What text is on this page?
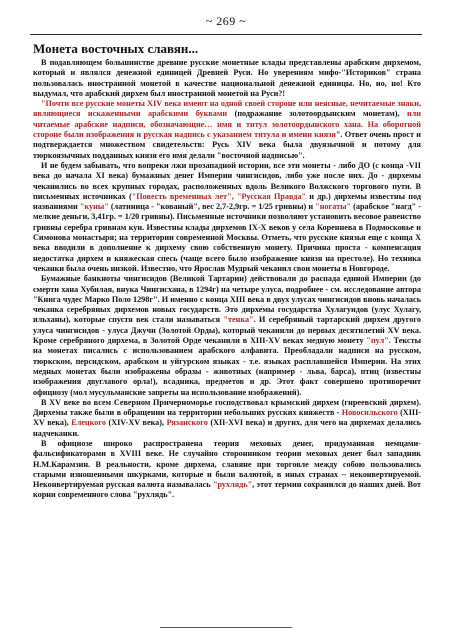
~ 269 ~
Монета восточных славян...

В подавляющем большинстве древние русские монетные клады представлены арабским дирхемом, который и являлся денежной единицей Древней Руси. Но уверениям мифо-"Историков" страна пользовалась иностранной монетой в качестве национальной денежной единицы. Но, но, но! Кто выдумал, что арабский дирхем был иностранной монетой на Руси?!

"Почти все русские монеты XIV века имеют на одной своей стороне или неясные, нечитаемые знаки, являющиеся искаженными арабскими буквами (подражание золотоордынским монетам), или читаемые арабские надписи, обозначающие… имя и титул золотоордынского хана. На оборотной стороне были изображения и русская надпись с указанием титула и имени князя". Ответ очень прост и подтверждается множеством свидетельств: Русь XIV века была двуязычной и потому для тюркоязычных подданных князя его имя делали "восточной надписью".

И не будем забывать, что вопреки лжи прозападной истории, все эти монеты - либо ДО (с конца -VII века до начала XI века) бумажных денег Империи чингисидов, либо уже после них. До - дирхемы чеканились во всех крупных городах, расположенных вдоль Великого Волжского торгового пути. В письменных источниках ("Повесть временных лет", "Русская Правда" и др.) дирхемы известны под названиями "куны" (латиница - "кованый", вес 2,7-2,9гр. = 1/25 гривны) и "ногаты" (арабское "нагд" - мелкие деньги, 3,41гр. = 1/20 гривны). Письменные источники позволяют установить весовое равенство гривны серебра гривнам кун. Известны клады дирхемов IX-X веков у села Кореннева в Подмосковье и Симонова монастыря; на территории современной Москвы. Отметь, что русские князья еще с конца X века вводили в дополнение к дирхему свою собственную монету. Причина проста - компенсация недостатка дирхем и княжеская спесь (чаще всего было изображение князя на престоле). Но техника чеканки была очень низкой. Известно, что Ярослав Мудрый чеканил свои монеты в Новгороде.

Бумажные банкноты чингисидов (Великой Тартарии) действовали до распада единой Империи (до смерти хана Хубилая, внука Чингисхана, в 1294г) на четыре улуса, подробнее - см. исследование автора "Книга чудес Марко Поло 1298г". И именно с конца XIII века в двух улусах чингисидов вновь началась чеканка серебряных дирхемов новых государств. Это дирхемы государства Хулагуидов (улус Хулагу, ильханы), которые спустя век стали называться "тенка". И серебряный тартарский дирхем другого улуса чингисидов - улуса Джучи (Золотой Орды), который чеканили до первых десятилетий XV века. Кроме серебряного дирхема, в Золотой Орде чеканили в XIII-XV веках медную монету "пул". Тексты на монетах писались с использованием арабского алфавита. Преобладали надписи на русском, тюркском, персидском, арабском и уйгурском языках - т.е. языках расплавшейся Империи. На этих медных монетах были изображены образы - животных (например - льва, барса), птиц (известны изображения двуглавого орла!), всадника, предметов и др. Этот факт совершено противоречит официозу (мол мусульманские запреты на использование изображений).

В XV веке во всем Северном Причерноморье господствовал крымский дирхем (гиреевский дирхем). Дирхемы также были в обращении на территории небольших русских княжеств - Новосильского (XIII-XV века), Елецкого (XIV-XV века), Рязанского (XII-XVI века) и других, для чего на дирхемах делались надчеканки.

В официозе широко распространена теория меховых денег, придуманная немцами-фальсификаторами в XVIII веке. Не случайно сторонником теории меховых денег был западник Н.М.Карамзин. В реальности, кроме дирхема, славяне при торговле между собою пользовались старыми изношенными шкурками, которые и были валютой, в иных странах – неконвертируемой. Неконвертируемая русская валюта называлась "рухлядь", этот термин сохранился до наших дней. Вот корни современного слова "рухлядь".
